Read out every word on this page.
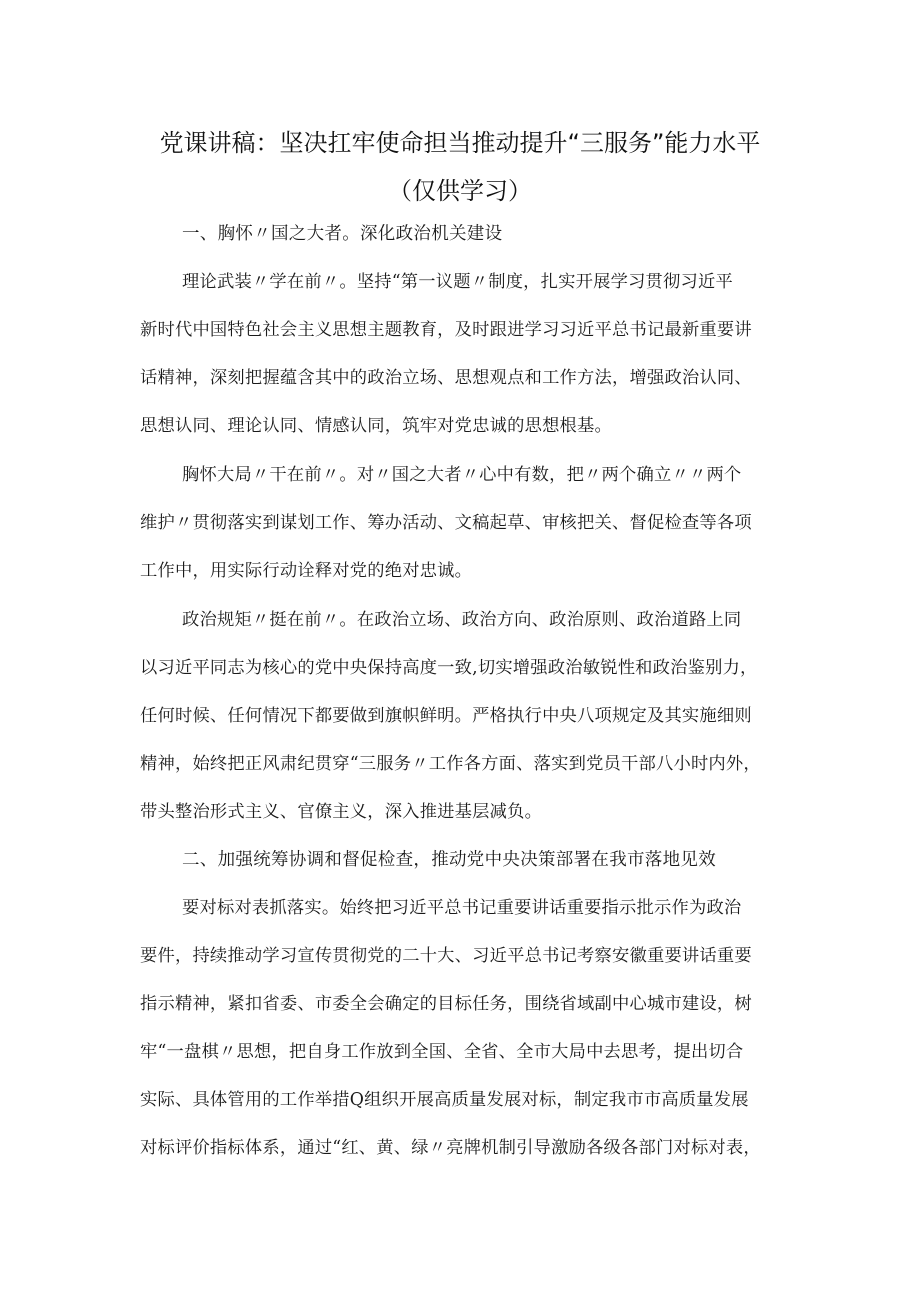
党课讲稿：坚决扛牢使命担当推动提升“三服务”能力水平
（仅供学习）
一、胸怀〃国之大者。深化政治机关建设
理论武装〃学在前〃。坚持“第一议题〃制度，扎实开展学习贯彻习近平
新时代中国特色社会主义思想主题教育，及时跟进学习习近平总书记最新重要讲
话精神，深刻把握蕴含其中的政治立场、思想观点和工作方法，增强政治认同、
思想认同、理论认同、情感认同，筑牢对党忠诚的思想根基。
胸怀大局〃干在前〃。对〃国之大者〃心中有数，把〃两个确立〃〃两个
维护〃贯彻落实到谋划工作、筹办活动、文稿起草、审核把关、督促检查等各项
工作中，用实际行动诠释对党的绝对忠诚。
政治规矩〃挺在前〃。在政治立场、政治方向、政治原则、政治道路上同
以习近平同志为核心的党中央保持高度一致,切实增强政治敏锐性和政治鉴别力，
任何时候、任何情况下都要做到旗帜鲜明。严格执行中央八项规定及其实施细则
精神，始终把正风肃纪贯穿“三服务〃工作各方面、落实到党员干部八小时内外，
带头整治形式主义、官僚主义，深入推进基层减负。
二、加强统筹协调和督促检查，推动党中央决策部署在我市落地见效
要对标对表抓落实。始终把习近平总书记重要讲话重要指示批示作为政治
要件，持续推动学习宣传贯彻党的二十大、习近平总书记考察安徽重要讲话重要
指示精神，紧扣省委、市委全会确定的目标任务，围绕省域副中心城市建设，树
牢“一盘棋〃思想，把自身工作放到全国、全省、全市大局中去思考，提出切合
实际、具体管用的工作举措Q组织开展高质量发展对标，制定我市市高质量发展
对标评价指标体系，通过“红、黄、绿〃亮牌机制引导激励各级各部门对标对表，
